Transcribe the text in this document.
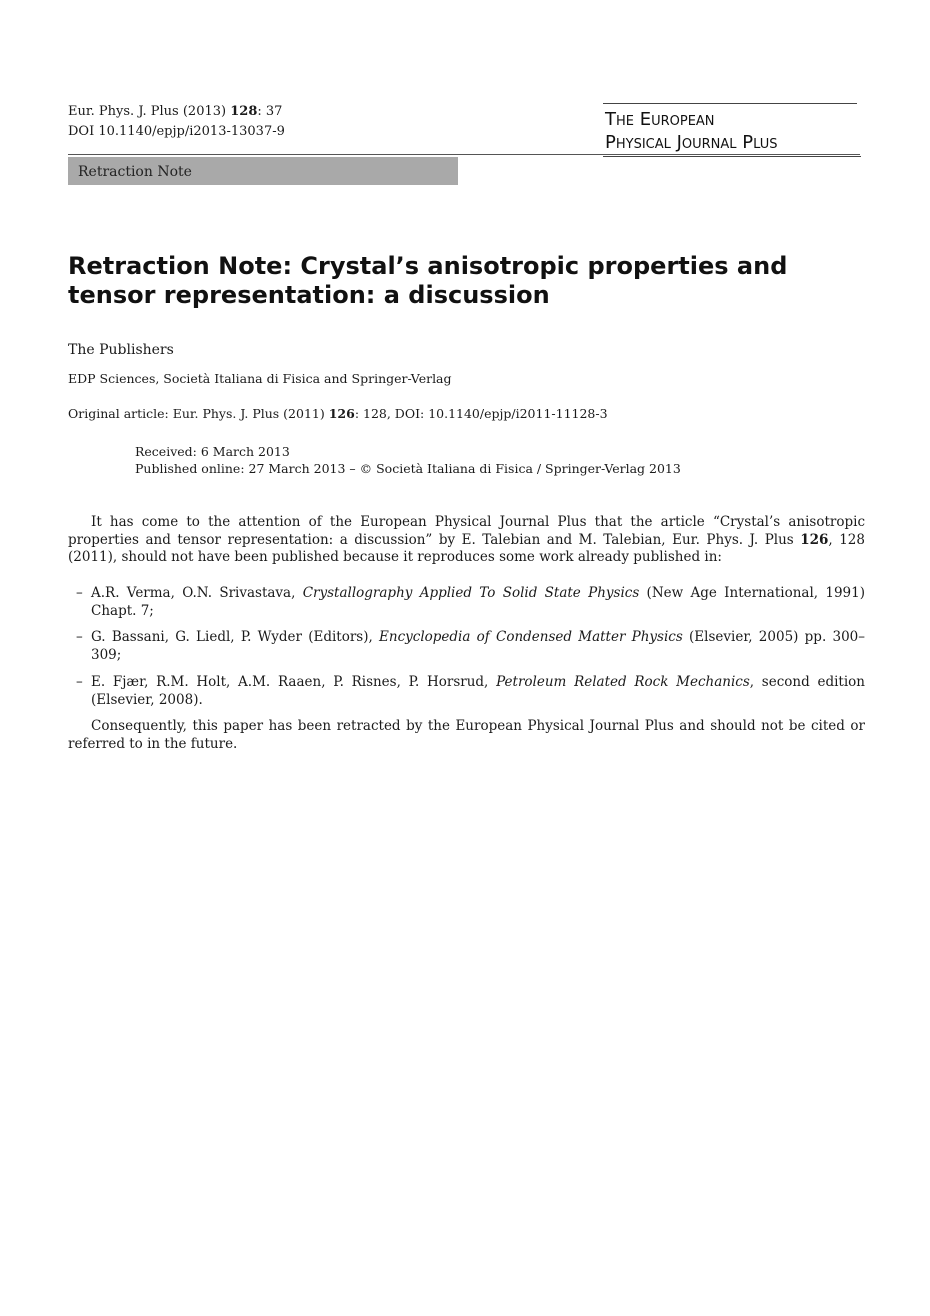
Eur. Phys. J. Plus (2013) 128: 37
DOI 10.1140/epjp/i2013-13037-9
The European
Physical Journal Plus
Retraction Note
Retraction Note: Crystal’s anisotropic properties and tensor representation: a discussion
The Publishers
EDP Sciences, Società Italiana di Fisica and Springer-Verlag
Original article: Eur. Phys. J. Plus (2011) 126: 128, DOI: 10.1140/epjp/i2011-11128-3
Received: 6 March 2013
Published online: 27 March 2013 – © Società Italiana di Fisica / Springer-Verlag 2013
It has come to the attention of the European Physical Journal Plus that the article “Crystal’s anisotropic properties and tensor representation: a discussion” by E. Talebian and M. Talebian, Eur. Phys. J. Plus 126, 128 (2011), should not have been published because it reproduces some work already published in:
– A.R. Verma, O.N. Srivastava, Crystallography Applied To Solid State Physics (New Age International, 1991) Chapt. 7;
– G. Bassani, G. Liedl, P. Wyder (Editors), Encyclopedia of Condensed Matter Physics (Elsevier, 2005) pp. 300–309;
– E. Fjær, R.M. Holt, A.M. Raaen, P. Risnes, P. Horsrud, Petroleum Related Rock Mechanics, second edition (Elsevier, 2008).
Consequently, this paper has been retracted by the European Physical Journal Plus and should not be cited or referred to in the future.
